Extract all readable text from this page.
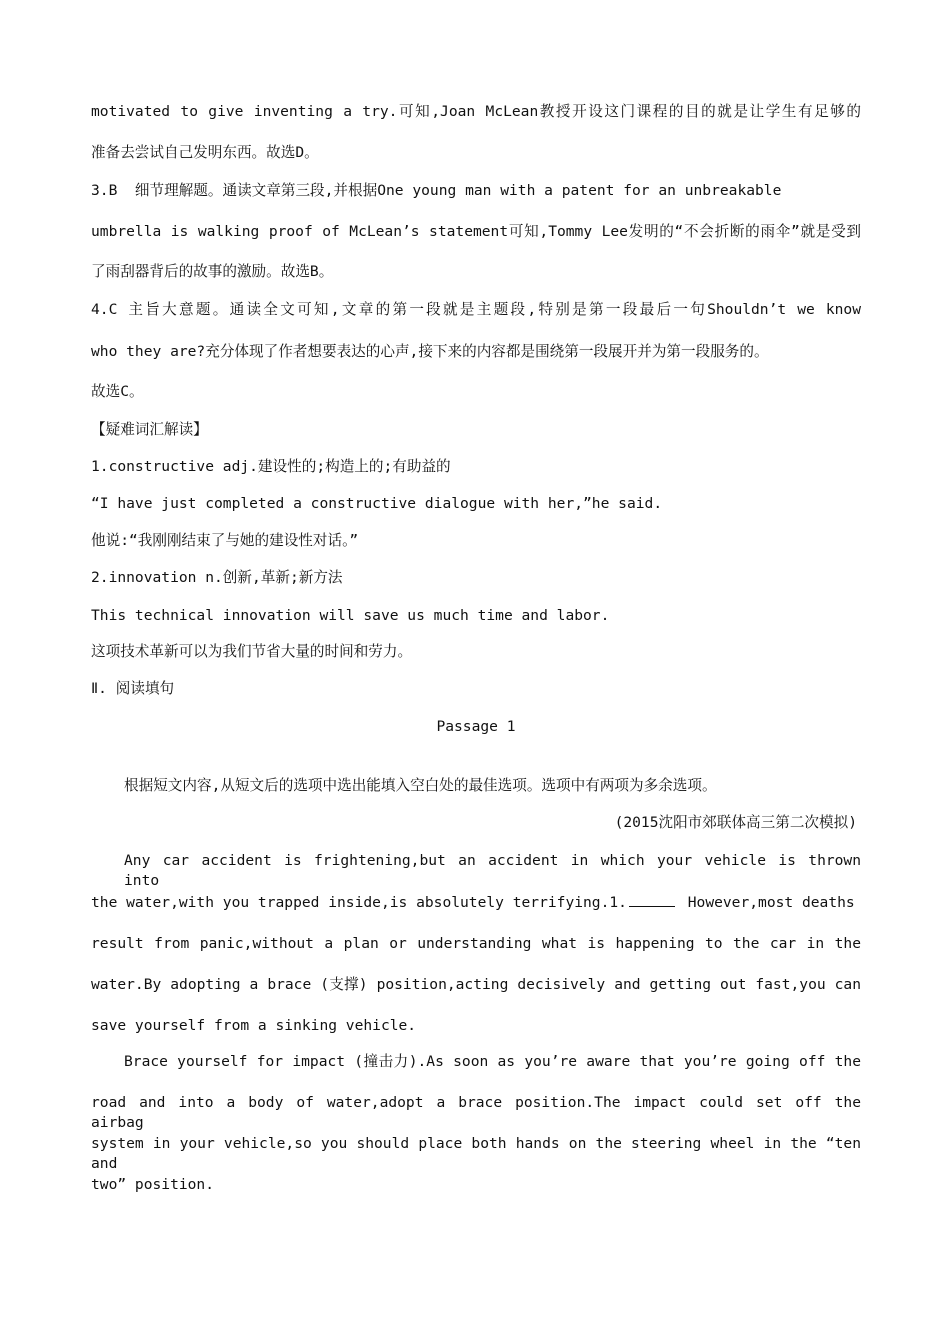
motivated to give inventing a try.可知,Joan McLean教授开设这门课程的目的就是让学生有足够的
准备去尝试自己发明东西。故选D。
3.B  细节理解题。通读文章第三段,并根据One young man with a patent for an unbreakable
umbrella is walking proof of McLean’s statement可知,Tommy Lee发明的“不会折断的雨伞”就是受到
了雨刮器背后的故事的激励。故选B。
4.C 主旨大意题。通读全文可知,文章的第一段就是主题段,特别是第一段最后一句Shouldn’t we know
who they are?充分体现了作者想要表达的心声,接下来的内容都是围绕第一段展开并为第一段服务的。
故选C。
【疑难词汇解读】
1.constructive adj.建设性的;构造上的;有助益的
“I have just completed a constructive dialogue with her,”he said.
他说:“我刚刚结束了与她的建设性对话。”
2.innovation n.创新,革新;新方法
This technical innovation will save us much time and labor.
这项技术革新可以为我们节省大量的时间和劳力。
Ⅱ. 阅读填句
Passage 1
根据短文内容,从短文后的选项中选出能填入空白处的最佳选项。选项中有两项为多余选项。
(2015沈阳市郊联体高三第二次模拟)
Any car accident is frightening,but an accident in which your vehicle is thrown into
the water,with you trapped inside,is absolutely terrifying.1.	However,most deaths
result from panic,without a plan or understanding what is happening to the car in the
water.By adopting a brace (支撑) position,acting decisively and getting out fast,you can
save yourself from a sinking vehicle.
Brace yourself for impact (撞击力).As soon as you’re aware that you’re going off the
road and into a body of water,adopt a brace position.The impact could set off the airbag
system in your vehicle,so you should place both hands on the steering wheel in the “ten and
two” position.
